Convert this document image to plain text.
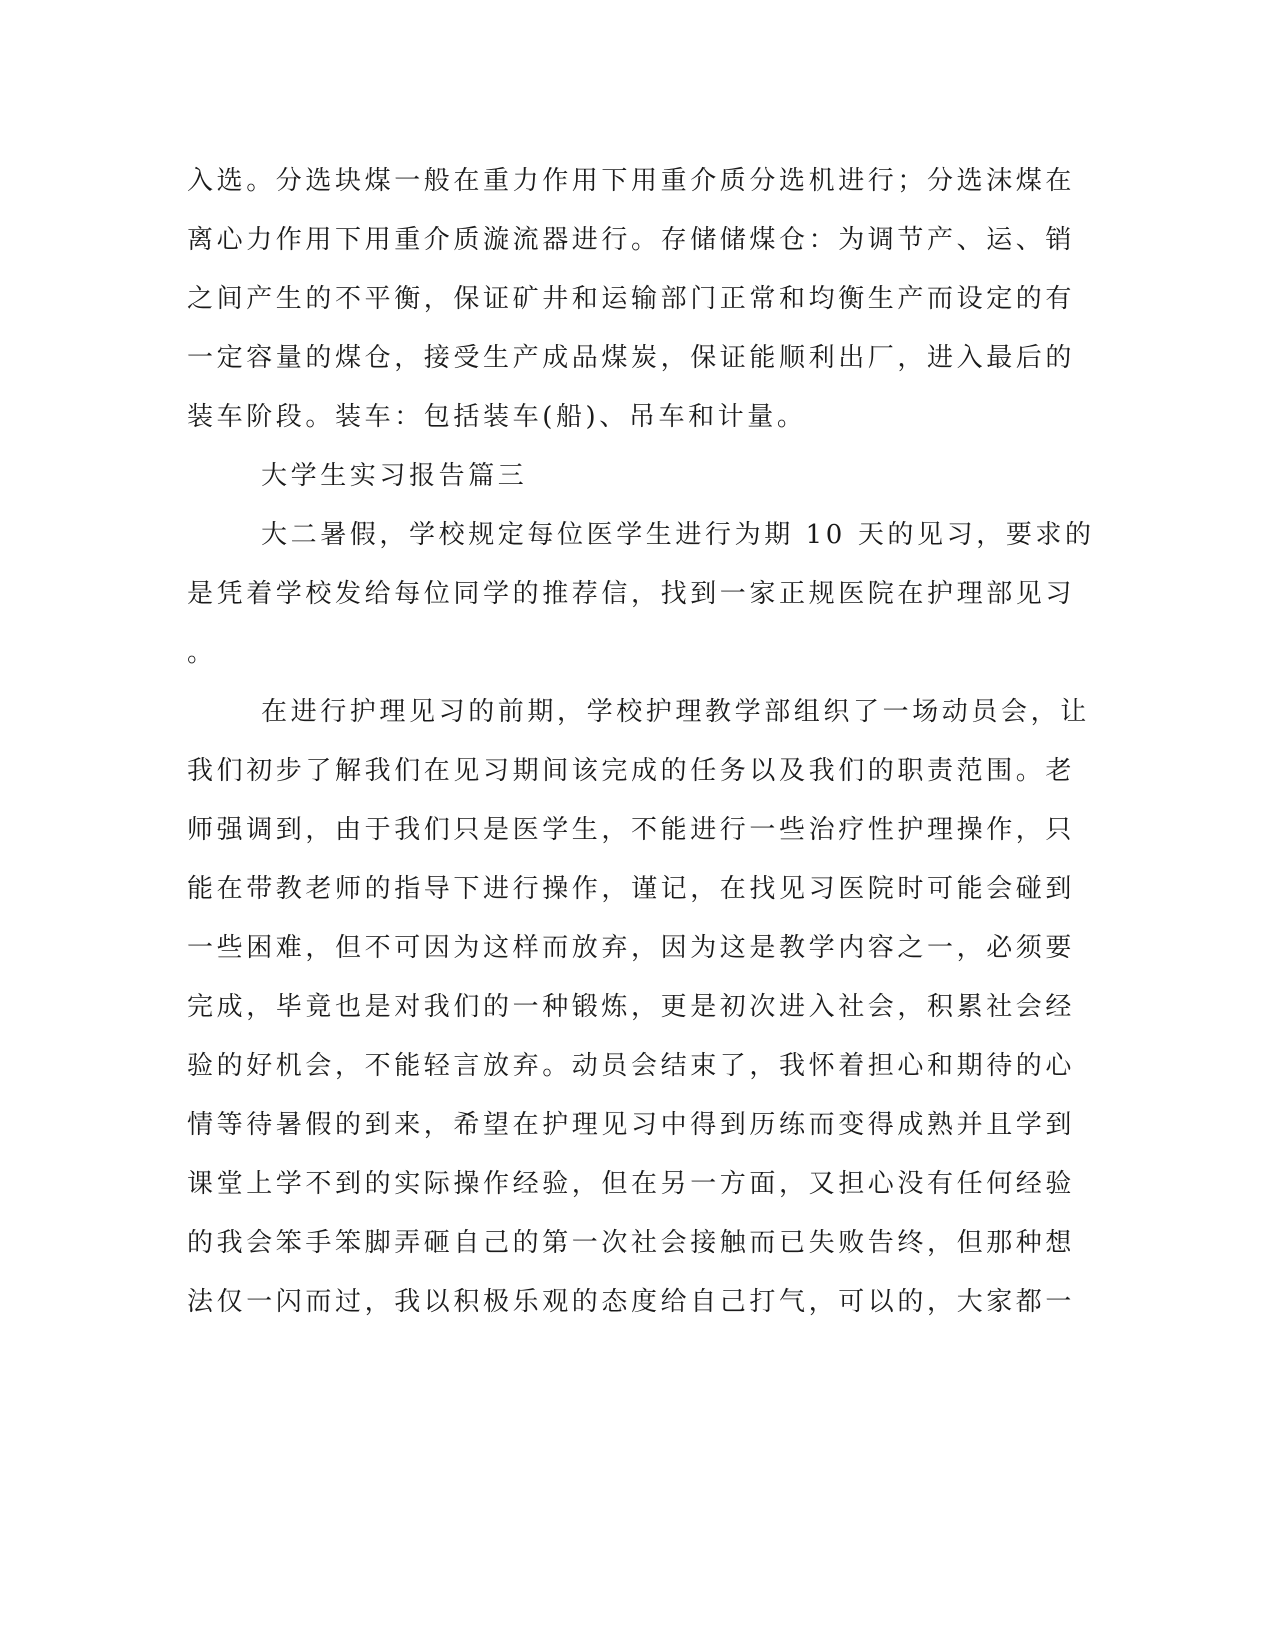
入选。分选块煤一般在重力作用下用重介质分选机进行；分选沫煤在
离心力作用下用重介质漩流器进行。存储储煤仓：为调节产、运、销
之间产生的不平衡，保证矿井和运输部门正常和均衡生产而设定的有
一定容量的煤仓，接受生产成品煤炭，保证能顺利出厂，进入最后的
装车阶段。装车：包括装车(船)、吊车和计量。
大学生实习报告篇三
大二暑假，学校规定每位医学生进行为期 10 天的见习，要求的
是凭着学校发给每位同学的推荐信，找到一家正规医院在护理部见习
。
在进行护理见习的前期，学校护理教学部组织了一场动员会，让
我们初步了解我们在见习期间该完成的任务以及我们的职责范围。老
师强调到，由于我们只是医学生，不能进行一些治疗性护理操作，只
能在带教老师的指导下进行操作，谨记，在找见习医院时可能会碰到
一些困难，但不可因为这样而放弃，因为这是教学内容之一，必须要
完成，毕竟也是对我们的一种锻炼，更是初次进入社会，积累社会经
验的好机会，不能轻言放弃。动员会结束了，我怀着担心和期待的心
情等待暑假的到来，希望在护理见习中得到历练而变得成熟并且学到
课堂上学不到的实际操作经验，但在另一方面，又担心没有任何经验
的我会笨手笨脚弄砸自己的第一次社会接触而已失败告终，但那种想
法仅一闪而过，我以积极乐观的态度给自己打气，可以的，大家都一
